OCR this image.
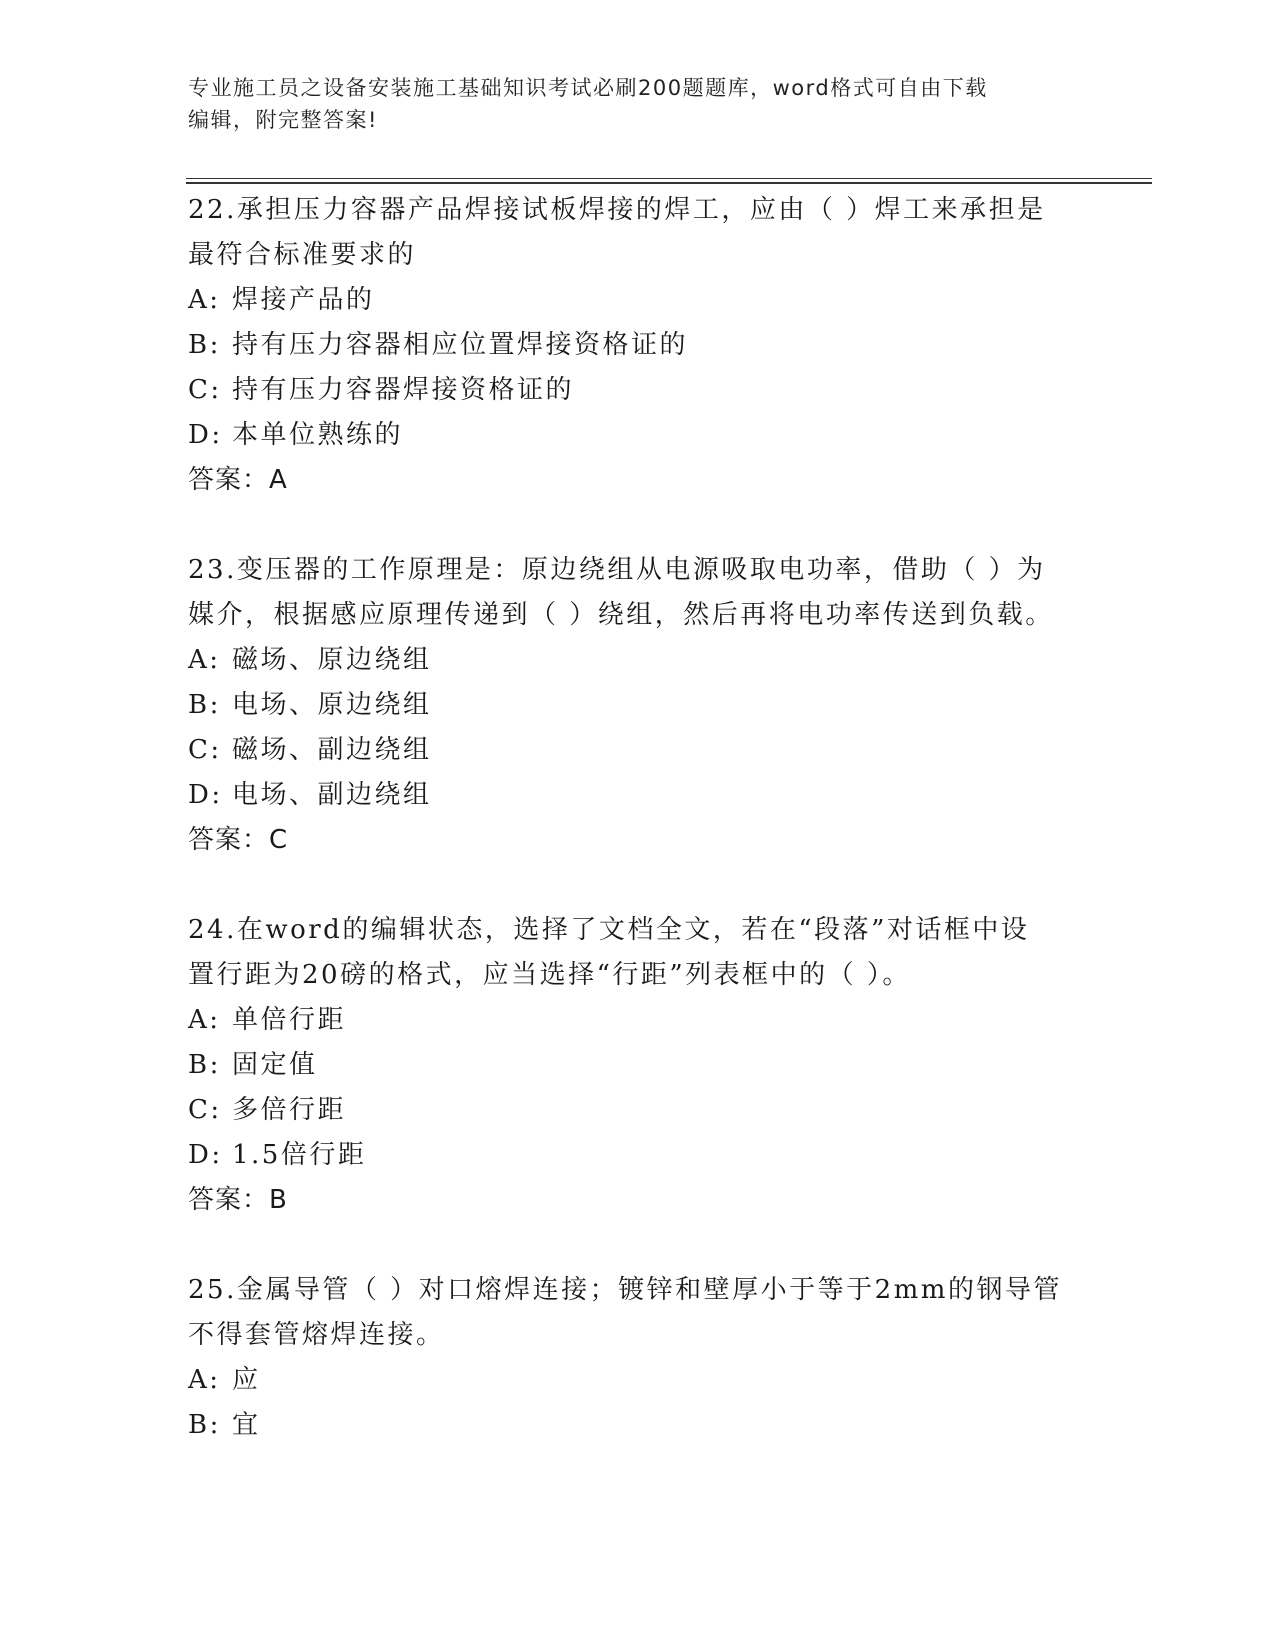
专业施工员之设备安装施工基础知识考试必刷200题题库，word格式可自由下载
编辑，附完整答案!
22.承担压力容器产品焊接试板焊接的焊工，应由（ ）焊工来承担是
最符合标准要求的
A: 焊接产品的
B: 持有压力容器相应位置焊接资格证的
C: 持有压力容器焊接资格证的
D: 本单位熟练的
答案：A
23.变压器的工作原理是：原边绕组从电源吸取电功率，借助（ ）为
媒介，根据感应原理传递到（ ）绕组，然后再将电功率传送到负载。
A: 磁场、原边绕组
B: 电场、原边绕组
C: 磁场、副边绕组
D: 电场、副边绕组
答案：C
24.在word的编辑状态，选择了文档全文，若在“段落”对话框中设
置行距为20磅的格式，应当选择“行距”列表框中的（ ）。
A: 单倍行距
B: 固定值
C: 多倍行距
D: 1.5倍行距
答案：B
25.金属导管（ ）对口熔焊连接；镀锌和壁厚小于等于2mm的钢导管
不得套管熔焊连接。
A: 应
B: 宜
